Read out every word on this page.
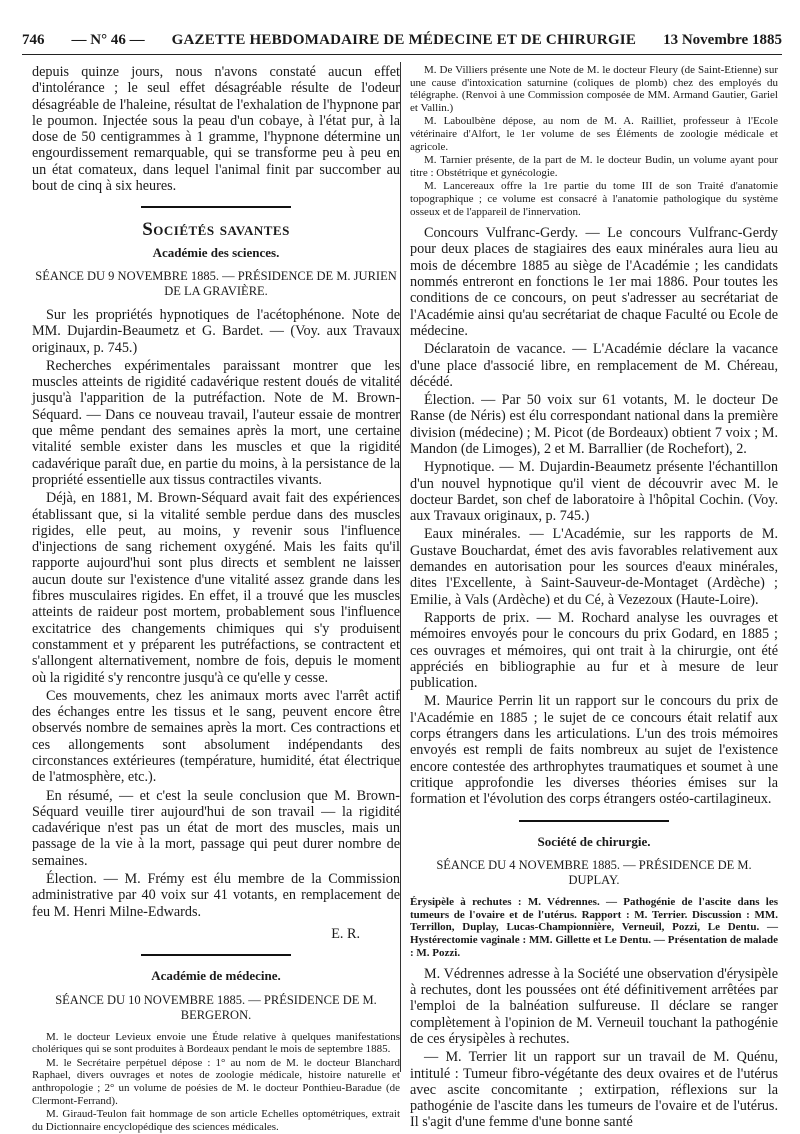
746 — N° 46 — GAZETTE HEBDOMADAIRE DE MÉDECINE ET DE CHIRURGIE 13 Novembre 1885

depuis quinze jours, nous n'avons constaté aucun effet d'intolérance ; le seul effet désagréable résulte de l'odeur désagréable de l'haleine, résultat de l'exhalation de l'hypnone par le poumon. Injectée sous la peau d'un cobaye, à l'état pur, à la dose de 50 centigrammes à 1 gramme, l'hypnone détermine un engourdissement remarquable, qui se transforme peu à peu en un état comateux, dans lequel l'animal finit par succomber au bout de cinq à six heures.

Sociétés savantes
Académie des sciences.
SÉANCE DU 9 NOVEMBRE 1885. — PRÉSIDENCE DE M. JURIEN DE LA GRAVIÈRE.

Sur les propriétés hypnotiques de l'acétophénone. Note de MM. Dujardin-Beaumetz et G. Bardet. — (Voy. aux Travaux originaux, p. 745.)

Recherches expérimentales paraissant montrer que les muscles atteints de rigidité cadavérique restent doués de vitalité jusqu'à l'apparition de la putréfaction. Note de M. Brown-Séquard. — Dans ce nouveau travail, l'auteur essaie de montrer que même pendant des semaines après la mort, une certaine vitalité semble exister dans les muscles et que la rigidité cadavérique paraît due, en partie du moins, à la persistance de la propriété essentielle aux tissus contractiles vivants.

Déjà, en 1881, M. Brown-Séquard avait fait des expériences établissant que, si la vitalité semble perdue dans des muscles rigides, elle peut, au moins, y revenir sous l'influence d'injections de sang richement oxygéné. Mais les faits qu'il rapporte aujourd'hui sont plus directs et semblent ne laisser aucun doute sur l'existence d'une vitalité assez grande dans les fibres musculaires rigides. En effet, il a trouvé que les muscles atteints de raideur post mortem, probablement sous l'influence excitatrice des changements chimiques qui s'y produisent constamment et y préparent les putréfactions, se contractent et s'allongent alternativement, nombre de fois, depuis le moment où la rigidité s'y rencontre jusqu'à ce qu'elle y cesse.

Ces mouvements, chez les animaux morts avec l'arrêt actif des échanges entre les tissus et le sang, peuvent encore être observés nombre de semaines après la mort. Ces contractions et ces allongements sont absolument indépendants des circonstances extérieures (température, humidité, état électrique de l'atmosphère, etc.).

En résumé, — et c'est la seule conclusion que M. Brown-Séquard veuille tirer aujourd'hui de son travail — la rigidité cadavérique n'est pas un état de mort des muscles, mais un passage de la vie à la mort, passage qui peut durer nombre de semaines.

Élection. — M. Frémy est élu membre de la Commission administrative par 40 voix sur 41 votants, en remplacement de feu M. Henri Milne-Edwards.

E. R.
Académie de médecine.
SÉANCE DU 10 NOVEMBRE 1885. — PRÉSIDENCE DE M. BERGERON.

M. le docteur Levieux envoie une Étude relative à quelques manifestations cholériques qui se sont produites à Bordeaux pendant le mois de septembre 1885.

M. le Secrétaire perpétuel dépose : 1° au nom de M. le docteur Blanchard Raphael, divers ouvrages et notes de zoologie médicale, histoire naturelle et anthropologie ; 2° un volume de poésies de M. le docteur Ponthieu-Baradue (de Clermont-Ferrand).

M. Giraud-Teulon fait hommage de son article Echelles optométriques, extrait du Dictionnaire encyclopédique des sciences médicales.

M. De Villiers présente une Note de M. le docteur Fleury (de Saint-Etienne) sur une cause d'intoxication saturnine (coliques de plomb) chez des employés du télégraphe. (Renvoi à une Commission composée de MM. Armand Gautier, Gariel et Vallin.)

M. Laboulbène dépose, au nom de M. A. Railliet, professeur à l'Ecole vétérinaire d'Alfort, le 1er volume de ses Éléments de zoologie médicale et agricole.

M. Tarnier présente, de la part de M. le docteur Budin, un volume ayant pour titre : Obstétrique et gynécologie.

M. Lancereaux offre la 1re partie du tome III de son Traité d'anatomie topographique ; ce volume est consacré à l'anatomie pathologique du système osseux et de l'appareil de l'innervation.

Concours Vulfranc-Gerdy. — Le concours Vulfranc-Gerdy pour deux places de stagiaires des eaux minérales aura lieu au mois de décembre 1885 au siège de l'Académie ; les candidats nommés entreront en fonctions le 1er mai 1886. Pour toutes les conditions de ce concours, on peut s'adresser au secrétariat de l'Académie ainsi qu'au secrétariat de chaque Faculté ou Ecole de médecine.

Déclaratoin de vacance. — L'Académie déclare la vacance d'une place d'associé libre, en remplacement de M. Chéreau, décédé.

Élection. — Par 50 voix sur 61 votants, M. le docteur De Ranse (de Néris) est élu correspondant national dans la première division (médecine) ; M. Picot (de Bordeaux) obtient 7 voix ; M. Mandon (de Limoges), 2 et M. Barrallier (de Rochefort), 2.

Hypnotique. — M. Dujardin-Beaumetz présente l'échantillon d'un nouvel hypnotique qu'il vient de découvrir avec M. le docteur Bardet, son chef de laboratoire à l'hôpital Cochin. (Voy. aux Travaux originaux, p. 745.)

Eaux minérales. — L'Académie, sur les rapports de M. Gustave Bouchardat, émet des avis favorables relativement aux demandes en autorisation pour les sources d'eaux minérales, dites l'Excellente, à Saint-Sauveur-de-Montaget (Ardèche) ; Emilie, à Vals (Ardèche) et du Cé, à Vezezoux (Haute-Loire).

Rapports de prix. — M. Rochard analyse les ouvrages et mémoires envoyés pour le concours du prix Godard, en 1885 ; ces ouvrages et mémoires, qui ont trait à la chirurgie, ont été appréciés en bibliographie au fur et à mesure de leur publication.

M. Maurice Perrin lit un rapport sur le concours du prix de l'Académie en 1885 ; le sujet de ce concours était relatif aux corps étrangers dans les articulations. L'un des trois mémoires envoyés est rempli de faits nombreux au sujet de l'existence encore contestée des arthrophytes traumatiques et soumet à une critique approfondie les diverses théories émises sur la formation et l'évolution des corps étrangers ostéo-cartilagineux.

Société de chirurgie.
SÉANCE DU 4 NOVEMBRE 1885. — PRÉSIDENCE DE M. DUPLAY.
Érysipèle à rechutes : M. Védrennes. — Pathogénie de l'ascite dans les tumeurs de l'ovaire et de l'utérus. Rapport : M. Terrier. Discussion : MM. Terrillon, Duplay, Lucas-Championnière, Verneuil, Pozzi, Le Dentu. — Hystérectomie vaginale : MM. Gillette et Le Dentu. — Présentation de malade : M. Pozzi.

M. Védrennes adresse à la Société une observation d'érysipèle à rechutes, dont les poussées ont été définitivement arrêtées par l'emploi de la balnéation sulfureuse. Il déclare se ranger complètement à l'opinion de M. Verneuil touchant la pathogénie de ces érysipèles à rechutes.

— M. Terrier lit un rapport sur un travail de M. Quénu, intitulé : Tumeur fibro-végétante des deux ovaires et de l'utérus avec ascite concomitante ; extirpation, réflexions sur la pathogénie de l'ascite dans les tumeurs de l'ovaire et de l'utérus. Il s'agit d'une femme d'une bonne santé
